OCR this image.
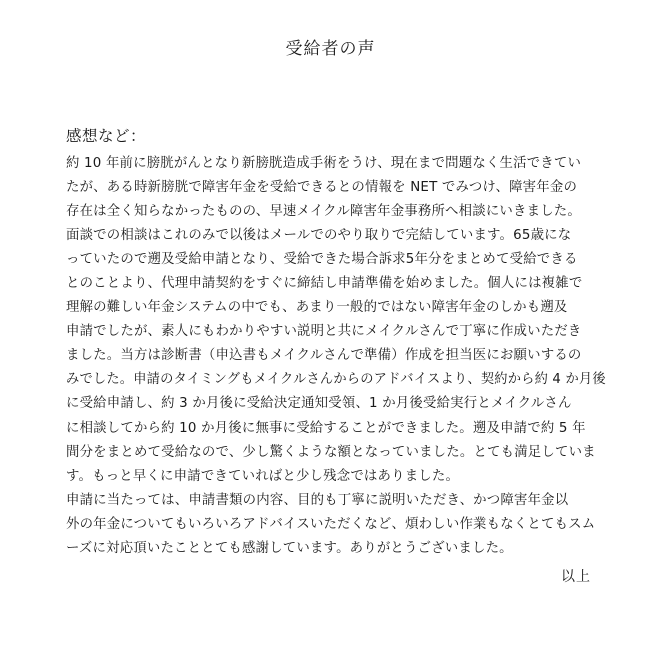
受給者の声
感想など：
約 10 年前に膀胱がんとなり新膀胱造成手術をうけ、現在まで問題なく生活できてい
たが、ある時新膀胱で障害年金を受給できるとの情報を NET でみつけ、障害年金の
存在は全く知らなかったものの、早速メイクル障害年金事務所へ相談にいきました。
面談での相談はこれのみで以後はメールでのやり取りで完結しています。65歳にな
っていたので遡及受給申請となり、受給できた場合訴求5年分をまとめて受給できる
とのことより、代理申請契約をすぐに締結し申請準備を始めました。個人には複雑で
理解の難しい年金システムの中でも、あまり一般的ではない障害年金のしかも遡及
申請でしたが、素人にもわかりやすい説明と共にメイクルさんで丁寧に作成いただき
ました。当方は診断書（申込書もメイクルさんで準備）作成を担当医にお願いするの
みでした。申請のタイミングもメイクルさんからのアドバイスより、契約から約 4 か月後
に受給申請し、約 3 か月後に受給決定通知受領、1 か月後受給実行とメイクルさん
に相談してから約 10 か月後に無事に受給することができました。遡及申請で約 5 年
間分をまとめて受給なので、少し驚くような額となっていました。とても満足していま
す。もっと早くに申請できていればと少し残念ではありました。
申請に当たっては、申請書類の内容、目的も丁寧に説明いただき、かつ障害年金以
外の年金についてもいろいろアドバイスいただくなど、煩わしい作業もなくとてもスム
ーズに対応頂いたこととても感謝しています。ありがとうございました。
以上
